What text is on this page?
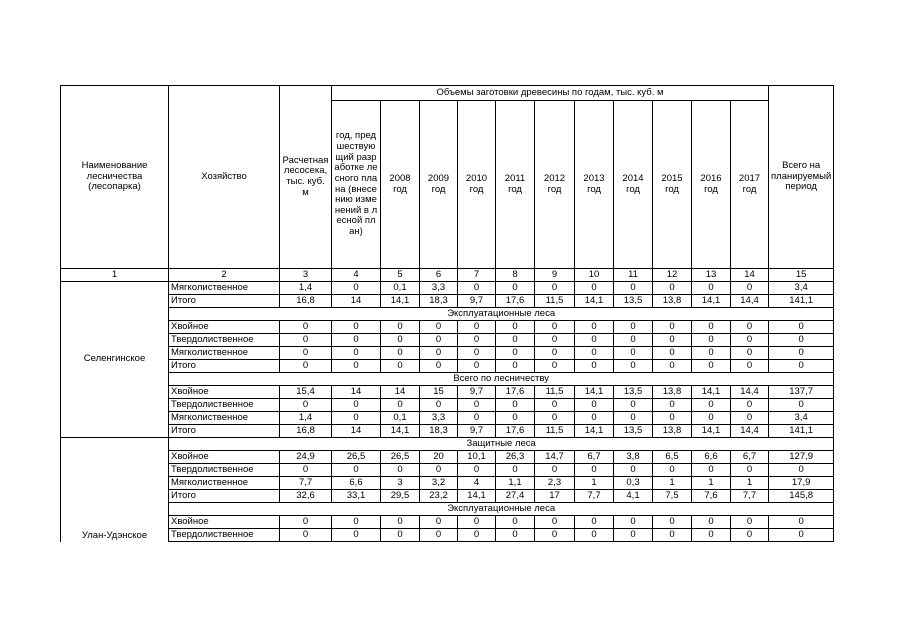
Наименование лесничества (лесопарка)	Хозяйство	Расчетная лесосека, тыс. куб. м	Объемы заготовки древесины по годам, тыс. куб. м											Всего на планируемый период
			год, предшествующий разработке лесного плана (внесению изменений в лесной план)	2008 год	2009 год	2010 год	2011 год	2012 год	2013 год	2014 год	2015 год	2016 год	2017 год	
1	2	3	4	5	6	7	8	9	10	11	12	13	14	15
Селенгинское	Мягколиственное	1,4	0	0,1	3,3	0	0	0	0	0	0	0	0	3,4
	Итого	16,8	14	14,1	18,3	9,7	17,6	11,5	14,1	13,5	13,8	14,1	14,4	141,1
	Эксплуатационные леса													
	Хвойное	0	0	0	0	0	0	0	0	0	0	0	0	0
	Твердолиственное	0	0	0	0	0	0	0	0	0	0	0	0	0
	Мягколиственное	0	0	0	0	0	0	0	0	0	0	0	0	0
	Итого	0	0	0	0	0	0	0	0	0	0	0	0	0
	Всего по лесничеству													
	Хвойное	15,4	14	14	15	9,7	17,6	11,5	14,1	13,5	13,8	14,1	14,4	137,7
	Твердолиственное	0	0	0	0	0	0	0	0	0	0	0	0	0
	Мягколиственное	1,4	0	0,1	3,3	0	0	0	0	0	0	0	0	3,4
	Итого	16,8	14	14,1	18,3	9,7	17,6	11,5	14,1	13,5	13,8	14,1	14,4	141,1
Улан-Удэнское	Защитные леса													
	Хвойное	24,9	26,5	26,5	20	10,1	26,3	14,7	6,7	3,8	6,5	6,6	6,7	127,9
	Твердолиственное	0	0	0	0	0	0	0	0	0	0	0	0	0
	Мягколиственное	7,7	6,6	3	3,2	4	1,1	2,3	1	0,3	1	1	1	17,9
	Итого	32,6	33,1	29,5	23,2	14,1	27,4	17	7,7	4,1	7,5	7,6	7,7	145,8
	Эксплуатационные леса													
	Хвойное	0	0	0	0	0	0	0	0	0	0	0	0	0
	Твердолиственное	0	0	0	0	0	0	0	0	0	0	0	0	0
